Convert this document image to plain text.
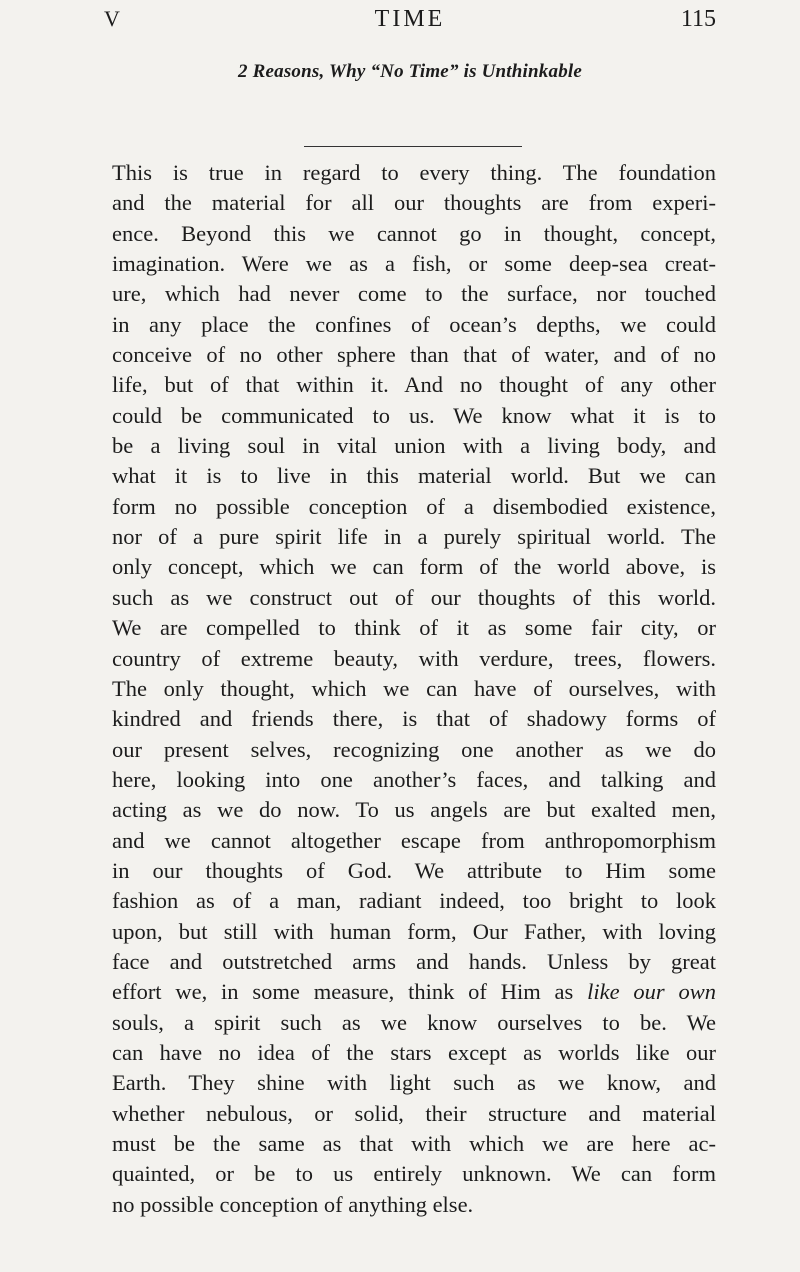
V	TIME	115
2 Reasons, Why “No Time” is Unthinkable
This is true in regard to every thing. The foundation
and the material for all our thoughts are from experi-
ence. Beyond this we cannot go in thought, concept,
imagination. Were we as a fish, or some deep-sea creat-
ure, which had never come to the surface, nor touched
in any place the confines of ocean’s depths, we could
conceive of no other sphere than that of water, and of no
life, but of that within it. And no thought of any other
could be communicated to us. We know what it is to
be a living soul in vital union with a living body, and
what it is to live in this material world. But we can
form no possible conception of a disembodied existence,
nor of a pure spirit life in a purely spiritual world. The
only concept, which we can form of the world above, is
such as we construct out of our thoughts of this world.
We are compelled to think of it as some fair city, or
country of extreme beauty, with verdure, trees, flowers.
The only thought, which we can have of ourselves, with
kindred and friends there, is that of shadowy forms of
our present selves, recognizing one another as we do
here, looking into one another’s faces, and talking and
acting as we do now. To us angels are but exalted men,
and we cannot altogether escape from anthropomorphism
in our thoughts of God. We attribute to Him some
fashion as of a man, radiant indeed, too bright to look
upon, but still with human form, Our Father, with loving
face and outstretched arms and hands. Unless by great
effort we, in some measure, think of Him as like our own
souls, a spirit such as we know ourselves to be. We
can have no idea of the stars except as worlds like our
Earth. They shine with light such as we know, and
whether nebulous, or solid, their structure and material
must be the same as that with which we are here ac-
quainted, or be to us entirely unknown. We can form
no possible conception of anything else.
